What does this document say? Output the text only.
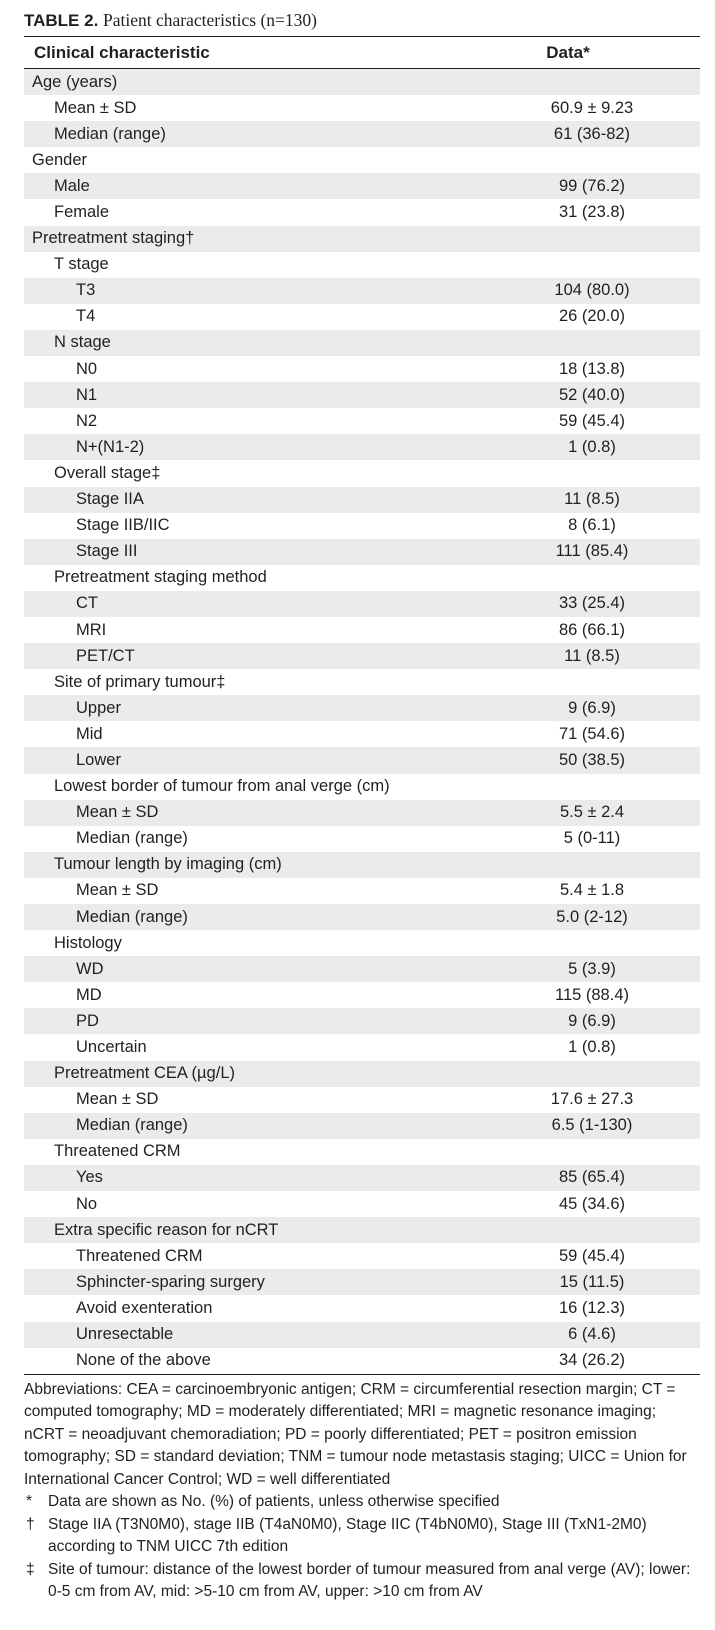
TABLE 2. Patient characteristics (n=130)
Clinical characteristic	Data*
Age (years)
Mean ± SD	60.9 ± 9.23
Median (range)	61 (36-82)
Gender
Male	99 (76.2)
Female	31 (23.8)
Pretreatment staging†
T stage
T3	104 (80.0)
T4	26 (20.0)
N stage
N0	18 (13.8)
N1	52 (40.0)
N2	59 (45.4)
N+(N1-2)	1 (0.8)
Overall stage‡
Stage IIA	11 (8.5)
Stage IIB/IIC	8 (6.1)
Stage III	111 (85.4)
Pretreatment staging method
CT	33 (25.4)
MRI	86 (66.1)
PET/CT	11 (8.5)
Site of primary tumour‡
Upper	9 (6.9)
Mid	71 (54.6)
Lower	50 (38.5)
Lowest border of tumour from anal verge (cm)
Mean ± SD	5.5 ± 2.4
Median (range)	5 (0-11)
Tumour length by imaging (cm)
Mean ± SD	5.4 ± 1.8
Median (range)	5.0 (2-12)
Histology
WD	5 (3.9)
MD	115 (88.4)
PD	9 (6.9)
Uncertain	1 (0.8)
Pretreatment CEA (µg/L)
Mean ± SD	17.6 ± 27.3
Median (range)	6.5 (1-130)
Threatened CRM
Yes	85 (65.4)
No	45 (34.6)
Extra specific reason for nCRT
Threatened CRM	59 (45.4)
Sphincter-sparing surgery	15 (11.5)
Avoid exenteration	16 (12.3)
Unresectable	6 (4.6)
None of the above	34 (26.2)

Abbreviations: CEA = carcinoembryonic antigen; CRM = circumferential resection margin; CT = computed tomography; MD = moderately differentiated; MRI = magnetic resonance imaging; nCRT = neoadjuvant chemoradiation; PD = poorly differentiated; PET = positron emission tomography; SD = standard deviation; TNM = tumour node metastasis staging; UICC = Union for International Cancer Control; WD = well differentiated

*	Data are shown as No. (%) of patients, unless otherwise specified
† Stage IIA (T3N0M0), stage IIB (T4aN0M0), Stage IIC (T4bN0M0), Stage III (TxN1-2M0) according to TNM UICC 7th edition
‡ Site of tumour: distance of the lowest border of tumour measured from anal verge (AV); lower: 0-5 cm from AV, mid: >5-10 cm from AV, upper: >10 cm from AV
